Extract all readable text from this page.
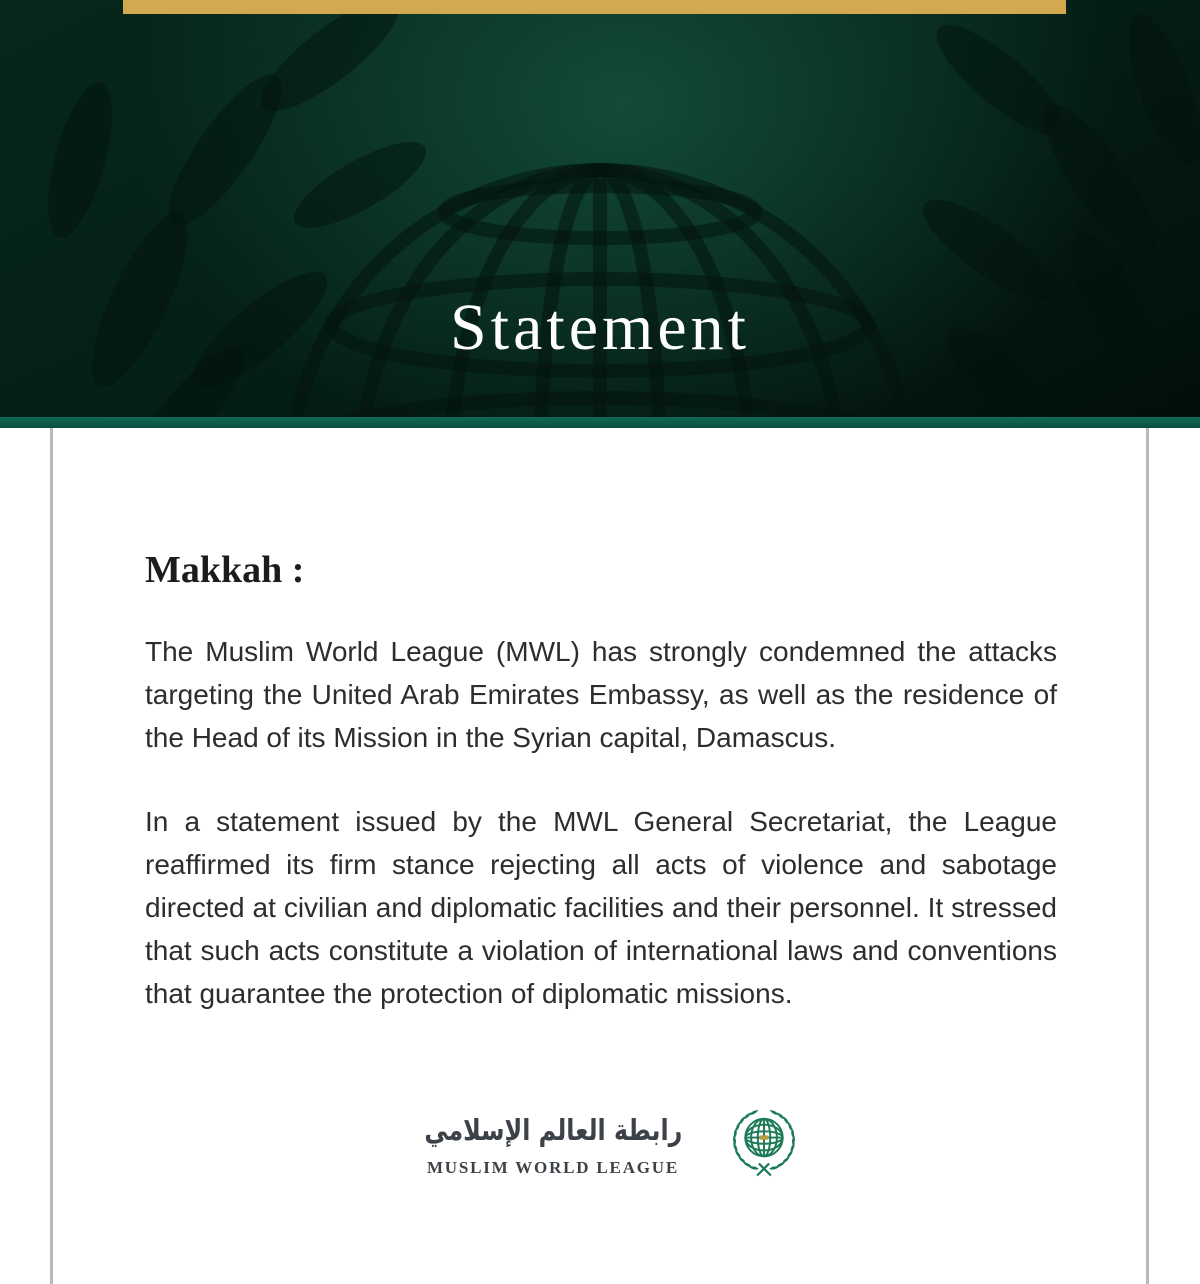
Statement
Makkah :

The Muslim World League (MWL) has strongly condemned the attacks targeting the United Arab Emirates Embassy, as well as the residence of the Head of its Mission in the Syrian capital, Damascus.

In a statement issued by the MWL General Secretariat, the League reaffirmed its firm stance rejecting all acts of violence and sabotage directed at civilian and diplomatic facilities and their personnel. It stressed that such acts constitute a violation of international laws and conventions that guarantee the protection of diplomatic missions.

رابطة العالم الإسلامي
MUSLIM WORLD LEAGUE
